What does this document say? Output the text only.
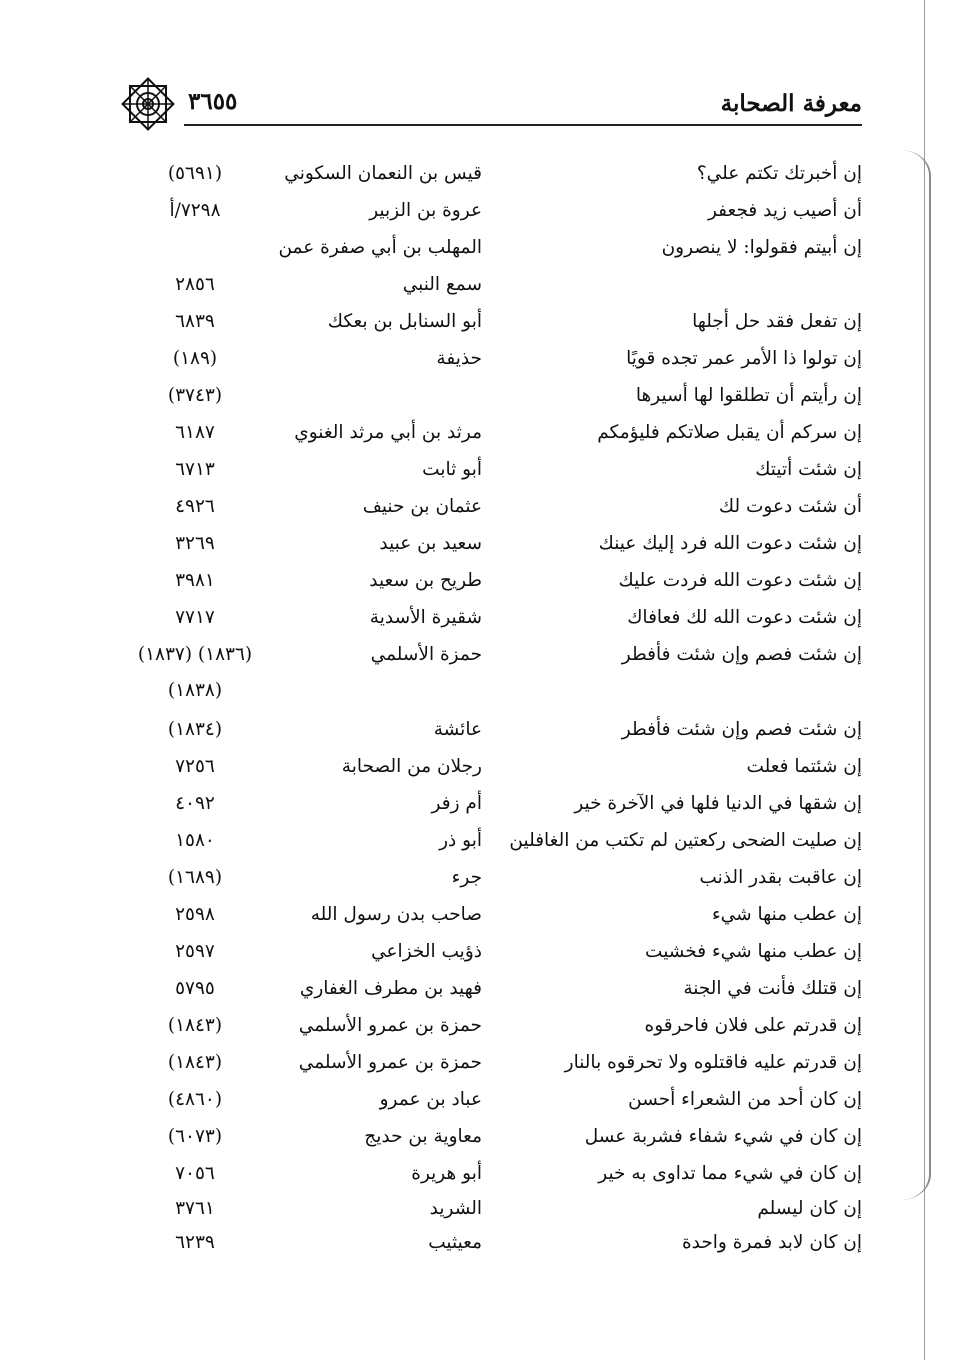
٣٦٥٥	معرفة الصحابة
إن أخبرتك تكتم علي؟
قيس بن النعمان السكوني
(٥٦٩١)
أن أصيب زيد فجعفر
عروة بن الزبير
٧٢٩٨/أ
إن أبيتم فقولوا: لا ينصرون
المهلب بن أبي صفرة عمن
سمع النبي
٢٨٥٦
إن تفعل فقد حل أجلها
أبو السنابل بن بعكك
٦٨٣٩
إن تولوا ذا الأمر عمر تجده قويًا
حذيفة
(١٨٩)
إن رأيتم أن تطلقوا لها أسيرها
(٣٧٤٣)
إن سركم أن يقبل صلاتكم فليؤمكم
مرثد بن أبي مرثد الغنوي
٦١٨٧
إن شئت أتيتك
أبو ثابت
٦٧١٣
أن شئت دعوت لك
عثمان بن حنيف
٤٩٢٦
إن شئت دعوت الله فرد إليك عينك
سعيد بن عبيد
٣٢٦٩
إن شئت دعوت الله فردت عليك
طريح بن سعيد
٣٩٨١
إن شئت دعوت الله لك فعافاك
شقيرة الأسدية
٧٧١٧
إن شئت فصم وإن شئت فأفطر
حمزة الأسلمي
(١٨٣٦) (١٨٣٧)
(١٨٣٨)
إن شئت فصم وإن شئت فأفطر
عائشة
(١٨٣٤)
إن شئتما فعلت
رجلان من الصحابة
٧٢٥٦
إن شقها في الدنيا فلها في الآخرة خير
أم زفر
٤٠٩٢
إن صليت الضحى ركعتين لم تكتب من الغافلين
أبو ذر
١٥٨٠
إن عاقبت بقدر الذنب
جرء
(١٦٨٩)
إن عطب منها شيء
صاحب بدن رسول الله
٢٥٩٨
إن عطب منها شيء فخشيت
ذؤيب الخزاعي
٢٥٩٧
إن قتلك فأنت في الجنة
فهيد بن مطرف الغفاري
٥٧٩٥
إن قدرتم على فلان فاحرقوه
حمزة بن عمرو الأسلمي
(١٨٤٣)
إن قدرتم عليه فاقتلوه ولا تحرقوه بالنار
حمزة بن عمرو الأسلمي
(١٨٤٣)
إن كان أحد من الشعراء أحسن
عباد بن عمرو
(٤٨٦٠)
إن كان في شيء شفاء فشربة عسل
معاوية بن حديج
(٦٠٧٣)
إن كان في شيء مما تداوى به خير
أبو هريرة
٧٠٥٦
إن كان ليسلم
الشريد
٣٧٦١
إن كان لابد فمرة واحدة
معيثيب
٦٢٣٩
